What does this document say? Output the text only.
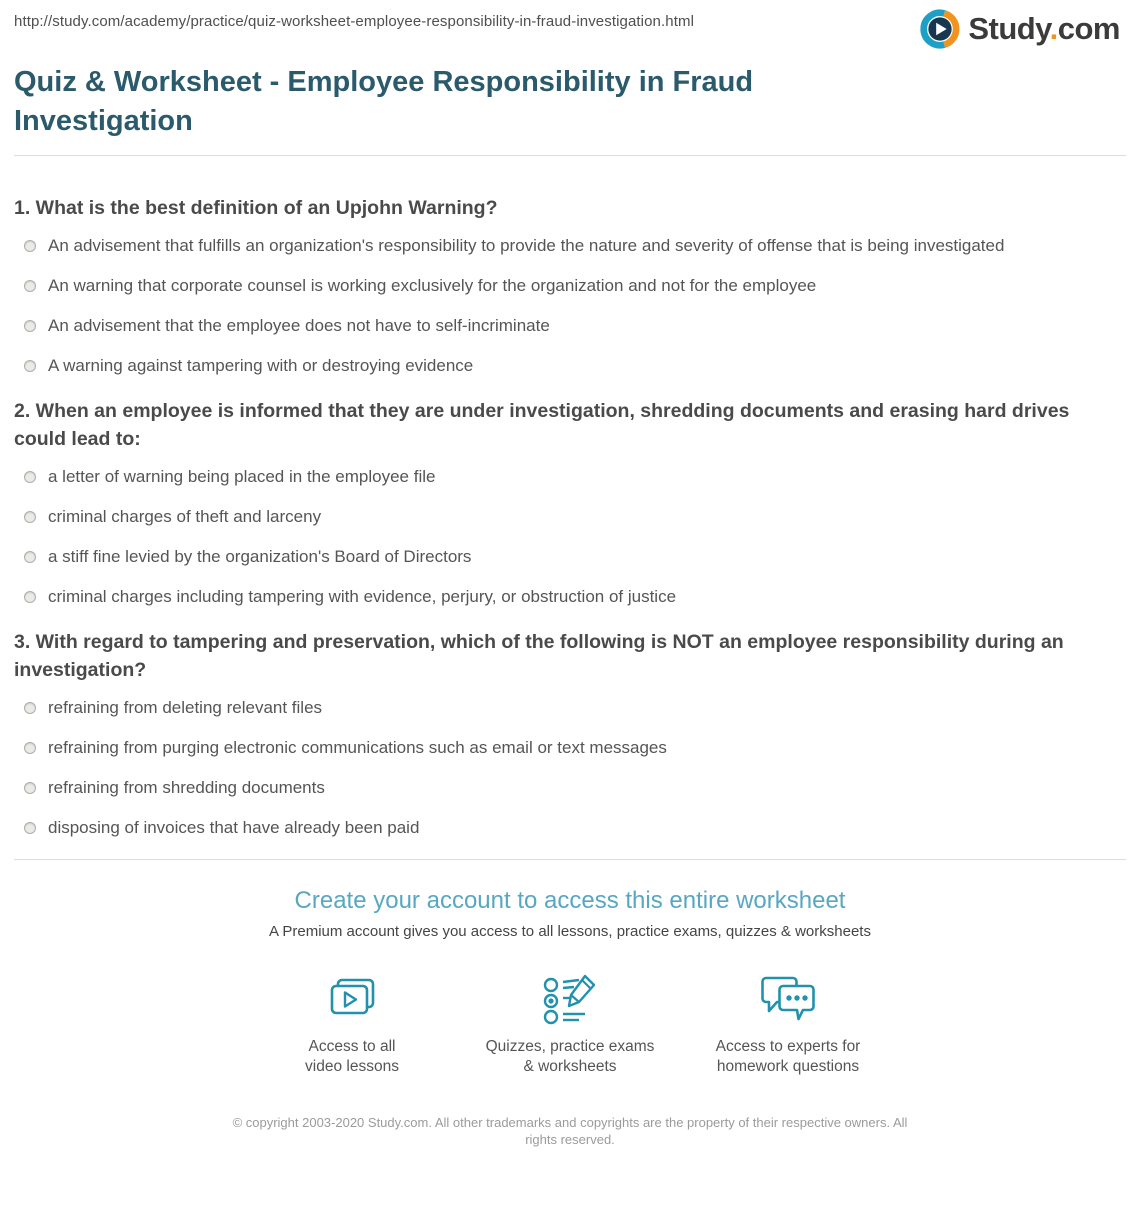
http://study.com/academy/practice/quiz-worksheet-employee-responsibility-in-fraud-investigation.html	Study.com
Quiz & Worksheet - Employee Responsibility in Fraud Investigation
1. What is the best definition of an Upjohn Warning?
An advisement that fulfills an organization's responsibility to provide the nature and severity of offense that is being investigated
An warning that corporate counsel is working exclusively for the organization and not for the employee
An advisement that the employee does not have to self-incriminate
A warning against tampering with or destroying evidence
2. When an employee is informed that they are under investigation, shredding documents and erasing hard drives could lead to:
a letter of warning being placed in the employee file
criminal charges of theft and larceny
a stiff fine levied by the organization's Board of Directors
criminal charges including tampering with evidence, perjury, or obstruction of justice
3. With regard to tampering and preservation, which of the following is NOT an employee responsibility during an investigation?
refraining from deleting relevant files
refraining from purging electronic communications such as email or text messages
refraining from shredding documents
disposing of invoices that have already been paid
Create your account to access this entire worksheet
A Premium account gives you access to all lessons, practice exams, quizzes & worksheets
Access to all
video lessons
Quizzes, practice exams
& worksheets
Access to experts for
homework questions
© copyright 2003-2020 Study.com. All other trademarks and copyrights are the property of their respective owners. All rights reserved.
